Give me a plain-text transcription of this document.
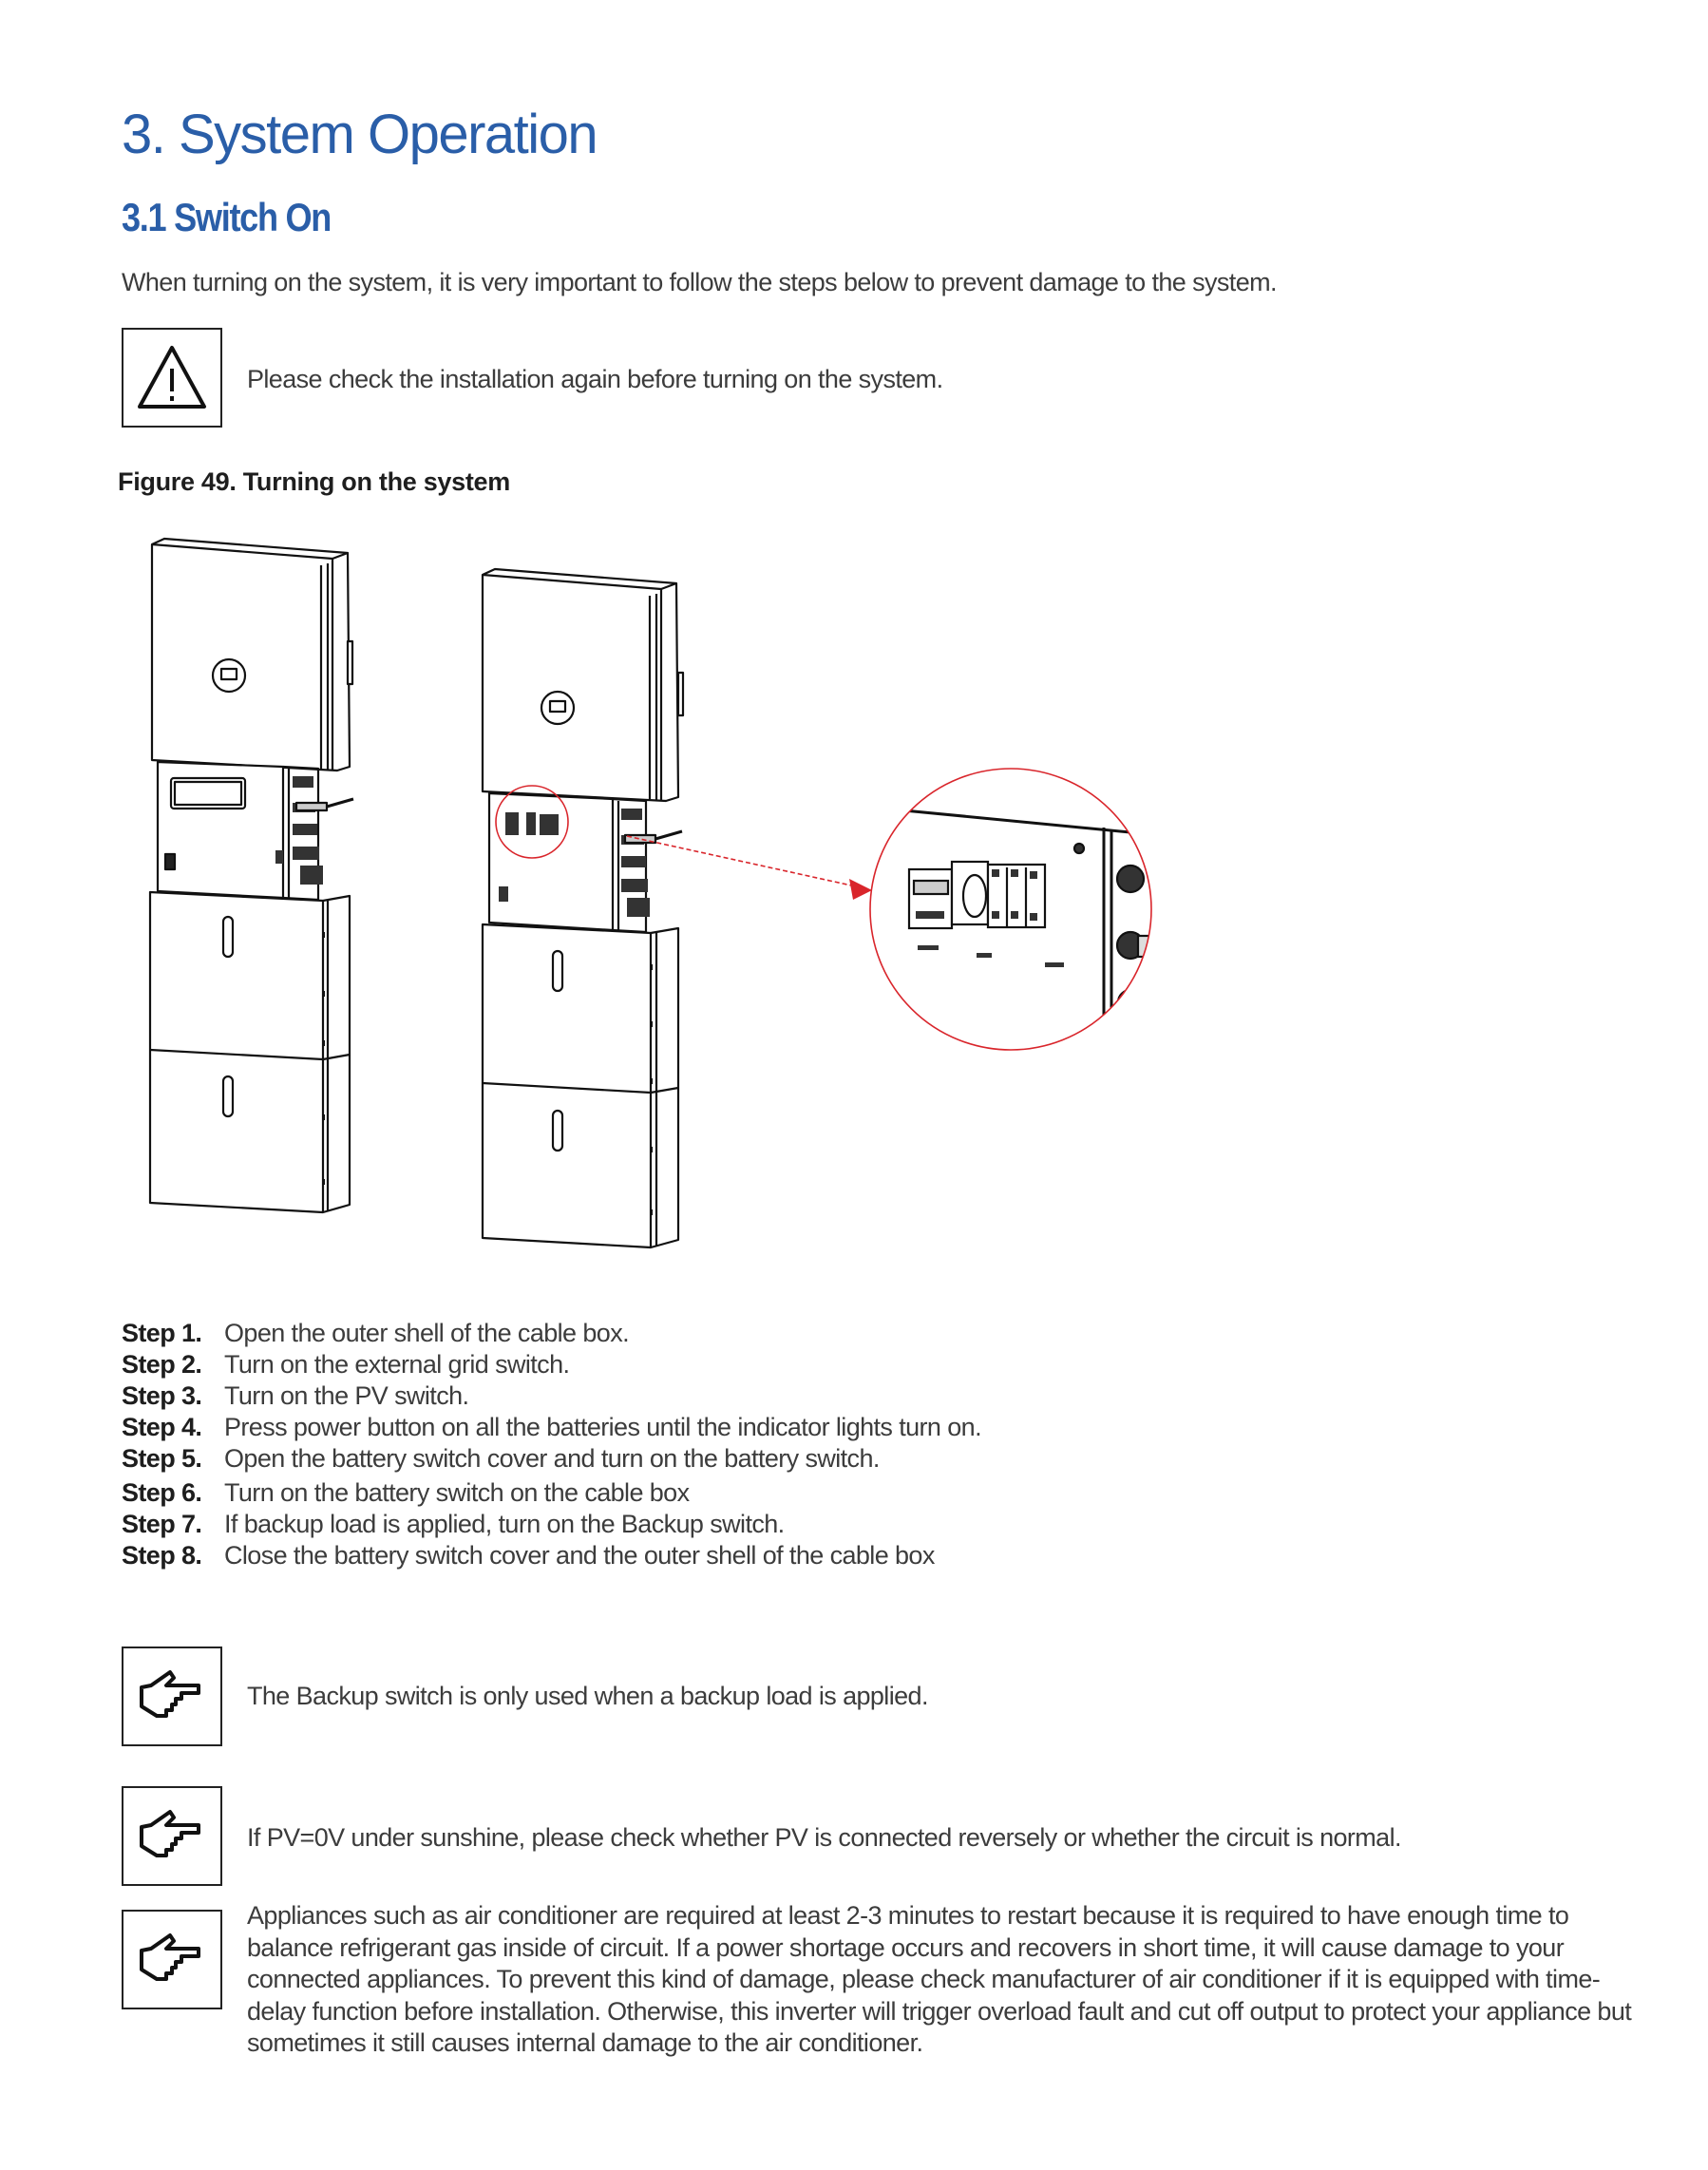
3. System Operation
3.1 Switch On
When turning on the system, it is very important to follow the steps below to prevent damage to the system.
Please check the installation again before turning on the system.
Figure 49. Turning on the system
Step 1. Open the outer shell of the cable box.
Step 2. Turn on the external grid switch.
Step 3. Turn on the PV switch.
Step 4. Press power button on all the batteries until the indicator lights turn on.
Step 5. Open the battery switch cover and turn on the battery switch.
Step 6. Turn on the battery switch on the cable box
Step 7. If backup load is applied, turn on the Backup switch.
Step 8. Close the battery switch cover and the outer shell of the cable box
The Backup switch is only used when a backup load is applied.
If PV=0V under sunshine, please check whether PV is connected reversely or whether the circuit is normal.
Appliances such as air conditioner are required at least 2-3 minutes to restart because it is required to have enough time to balance refrigerant gas inside of circuit. If a power shortage occurs and recovers in short time, it will cause damage to your connected appliances. To prevent this kind of damage, please check manufacturer of air conditioner if it is equipped with time-delay function before installation. Otherwise, this inverter will trigger overload fault and cut off output to protect your appliance but sometimes it still causes internal damage to the air conditioner.
